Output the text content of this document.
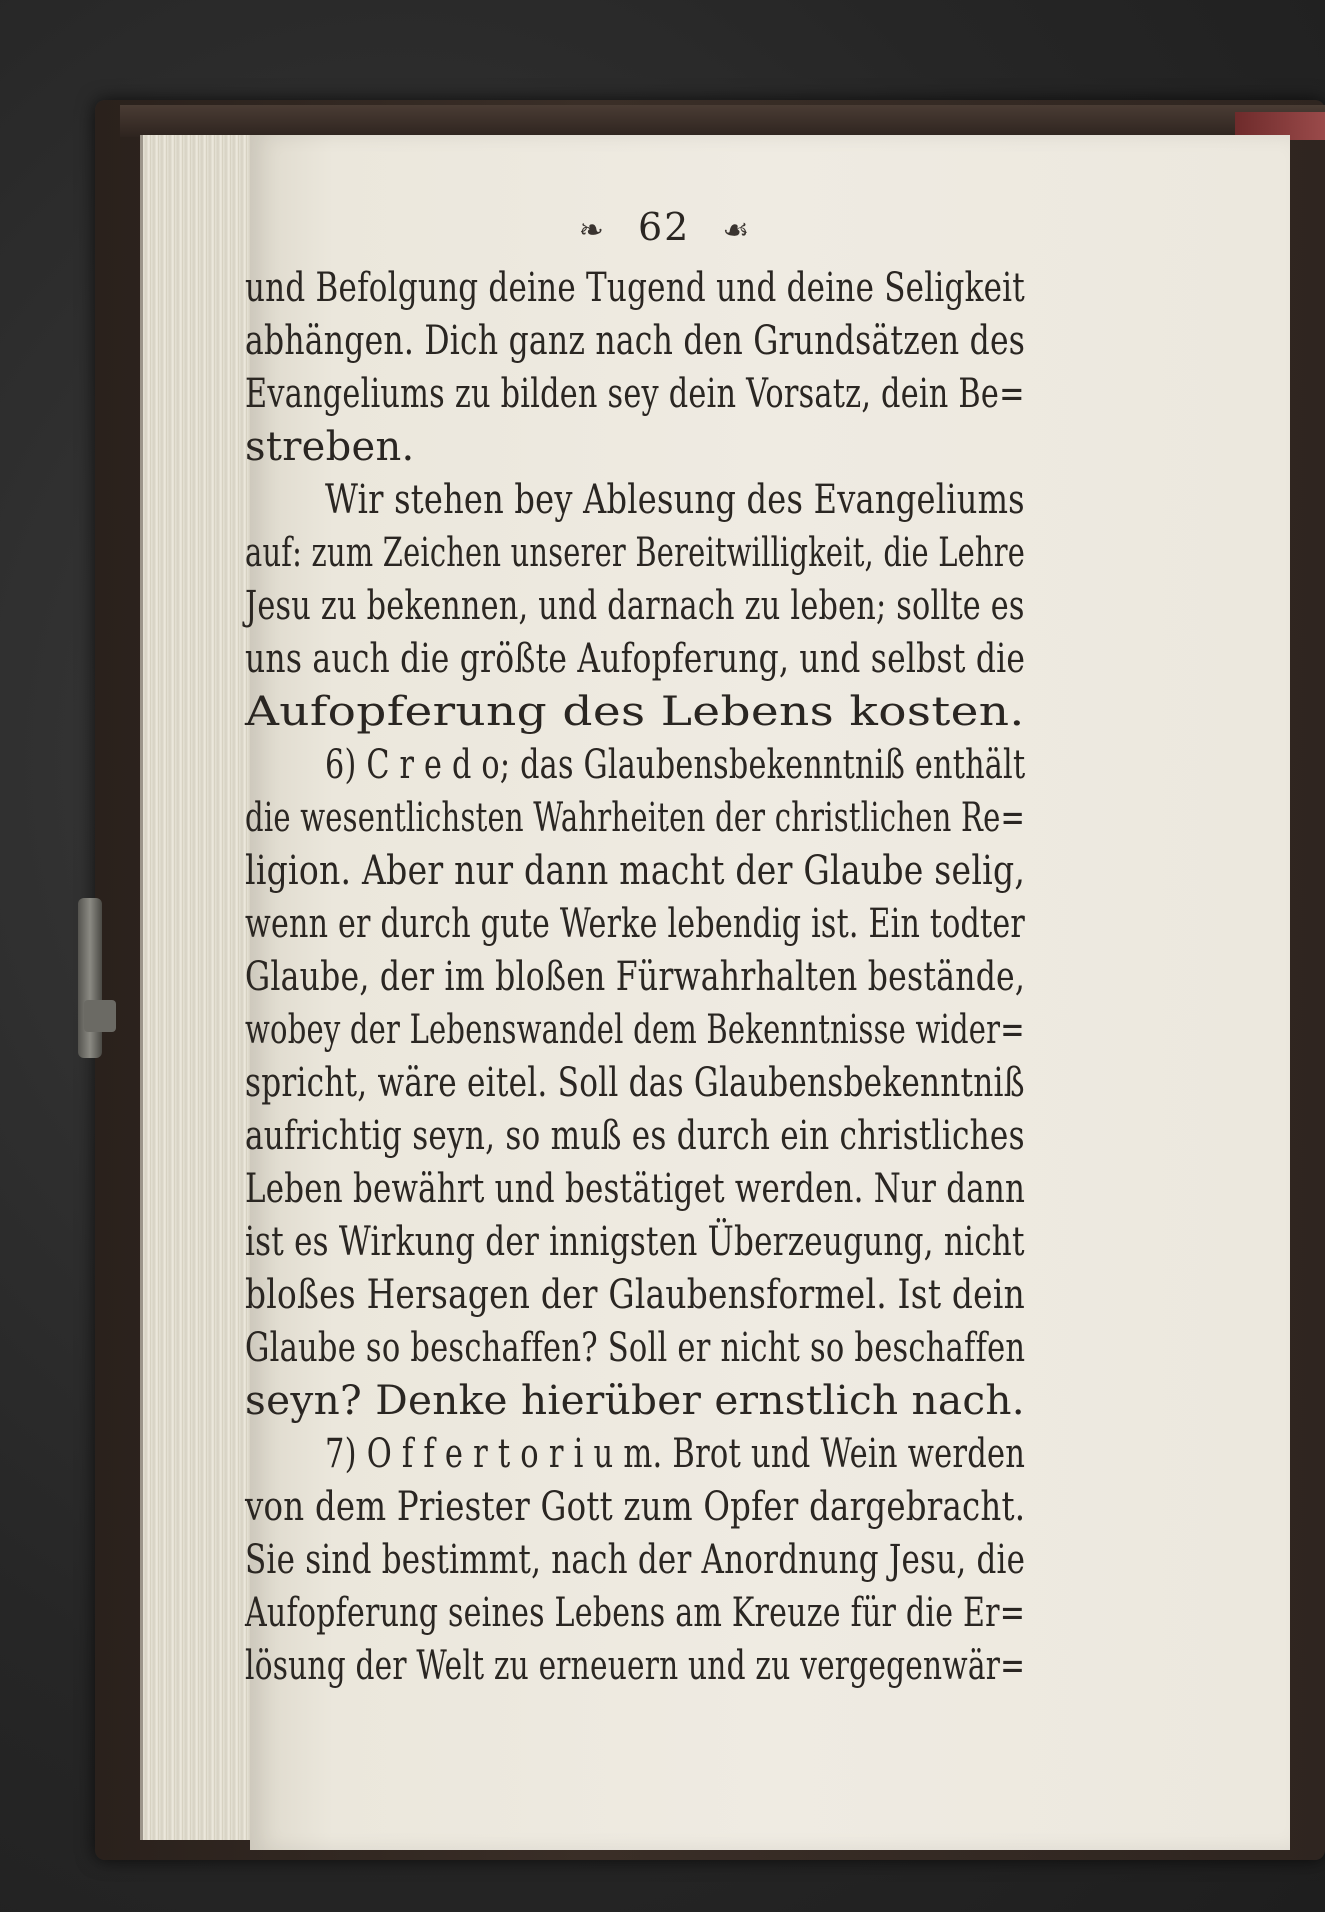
❧ 62 ☙
und Befolgung deine Tugend und deine Seligkeit
abhängen. Dich ganz nach den Grundsätzen des
Evangeliums zu bilden sey dein Vorsatz, dein Be=
streben.
Wir stehen bey Ablesung des Evangeliums
auf: zum Zeichen unserer Bereitwilligkeit, die Lehre
Jesu zu bekennen, und darnach zu leben; sollte es
uns auch die größte Aufopferung, und selbst die
Aufopferung des Lebens kosten.
6) C r e d o; das Glaubensbekenntniß enthält
die wesentlichsten Wahrheiten der christlichen Re=
ligion. Aber nur dann macht der Glaube selig,
wenn er durch gute Werke lebendig ist. Ein todter
Glaube, der im bloßen Fürwahrhalten bestände,
wobey der Lebenswandel dem Bekenntnisse wider=
spricht, wäre eitel. Soll das Glaubensbekenntniß
aufrichtig seyn, so muß es durch ein christliches
Leben bewährt und bestätiget werden. Nur dann
ist es Wirkung der innigsten Überzeugung, nicht
bloßes Hersagen der Glaubensformel. Ist dein
Glaube so beschaffen? Soll er nicht so beschaffen
seyn? Denke hierüber ernstlich nach.
7) O f f e r t o r i u m. Brot und Wein werden
von dem Priester Gott zum Opfer dargebracht.
Sie sind bestimmt, nach der Anordnung Jesu, die
Aufopferung seines Lebens am Kreuze für die Er=
lösung der Welt zu erneuern und zu vergegenwär=
